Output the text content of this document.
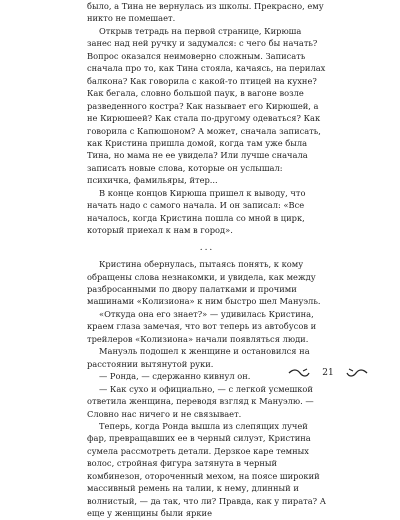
было, а Тина не вернулась из школы. Прекрасно, ему никто не помешает.

Открыв тетрадь на первой странице, Кирюша занес над ней ручку и задумался: с чего бы начать? Вопрос оказался неимоверно сложным. Записать сначала про то, как Тина стояла, качаясь, на перилах балкона? Как говорила с какой-то птицей на кухне? Как бегала, словно большой паук, в вагоне возле разведенного костра? Как называет его Кирюшей, а не Кирюшеей? Как стала по-другому одеваться? Как говорила с Капюшоном? А может, сначала записать, как Кристина пришла домой, когда там уже была Тина, но мама не ее увидела? Или лучше сначала записать новые слова, которые он услышал: психичка, фамильяры, йтер...

В конце концов Кирюша пришел к выводу, что начать надо с самого начала. И он записал: «Все началось, когда Кристина пошла со мной в цирк, который приехал к нам в город».

...

Кристина обернулась, пытаясь понять, к кому обращены слова незнакомки, и увидела, как между разбросанными по двору палатками и прочими машинами «Колизиона» к ним быстро шел Мануэль.

«Откуда она его знает?» — удивилась Кристина, краем глаза замечая, что вот теперь из автобусов и трейлеров «Колизиона» начали появляться люди.

Мануэль подошел к женщине и остановился на расстоянии вытянутой руки.

— Ронда, — сдержанно кивнул он.

— Как сухо и официально, — с легкой усмешкой ответила женщина, переводя взгляд к Мануэлю. — Словно нас ничего и не связывает.

Теперь, когда Ронда вышла из слепящих лучей фар, превращавших ее в черный силуэт, Кристина сумела рассмотреть детали. Дерзкое каре темных волос, стройная фигура затянута в черный комбинезон, отороченный мехом, на поясе широкий массивный ремень на талии, к нему, длинный и волнистый, — да так, что ли? Правда, как у пирата? А еще у женщины были яркие

21
